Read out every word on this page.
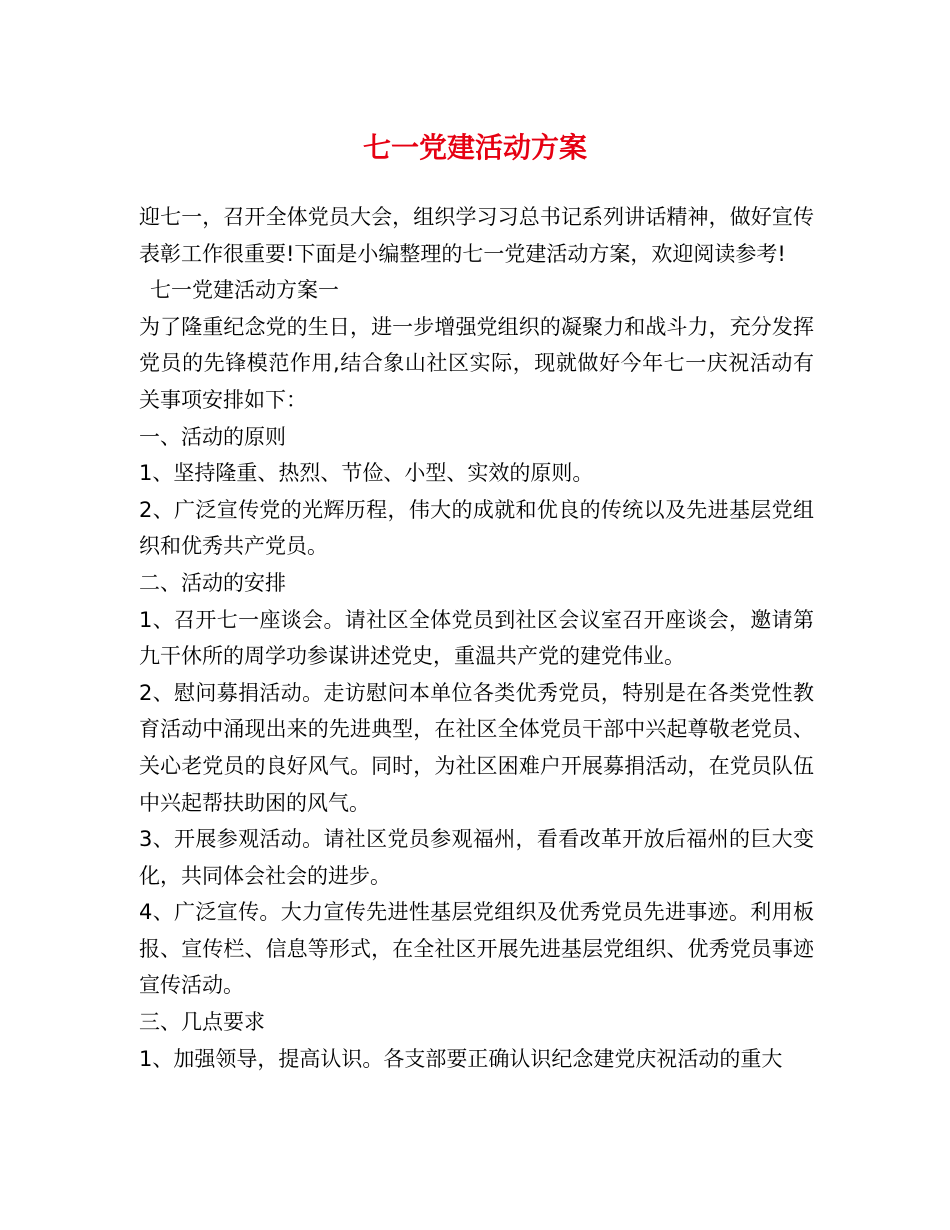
七一党建活动方案

迎七一，召开全体党员大会，组织学习习总书记系列讲话精神，做好宣传表彰工作很重要!下面是小编整理的七一党建活动方案，欢迎阅读参考!

七一党建活动方案一

为了隆重纪念党的生日，进一步增强党组织的凝聚力和战斗力，充分发挥党员的先锋模范作用,结合象山社区实际，现就做好今年七一庆祝活动有关事项安排如下：

一、活动的原则

1、坚持隆重、热烈、节俭、小型、实效的原则。

2、广泛宣传党的光辉历程，伟大的成就和优良的传统以及先进基层党组织和优秀共产党员。

二、活动的安排

1、召开七一座谈会。请社区全体党员到社区会议室召开座谈会，邀请第九干休所的周学功参谋讲述党史，重温共产党的建党伟业。

2、慰问募捐活动。走访慰问本单位各类优秀党员，特别是在各类党性教育活动中涌现出来的先进典型，在社区全体党员干部中兴起尊敬老党员、关心老党员的良好风气。同时，为社区困难户开展募捐活动，在党员队伍中兴起帮扶助困的风气。

3、开展参观活动。请社区党员参观福州，看看改革开放后福州的巨大变化，共同体会社会的进步。

4、广泛宣传。大力宣传先进性基层党组织及优秀党员先进事迹。利用板报、宣传栏、信息等形式，在全社区开展先进基层党组织、优秀党员事迹宣传活动。

三、几点要求

1、加强领导，提高认识。各支部要正确认识纪念建党庆祝活动的重大
